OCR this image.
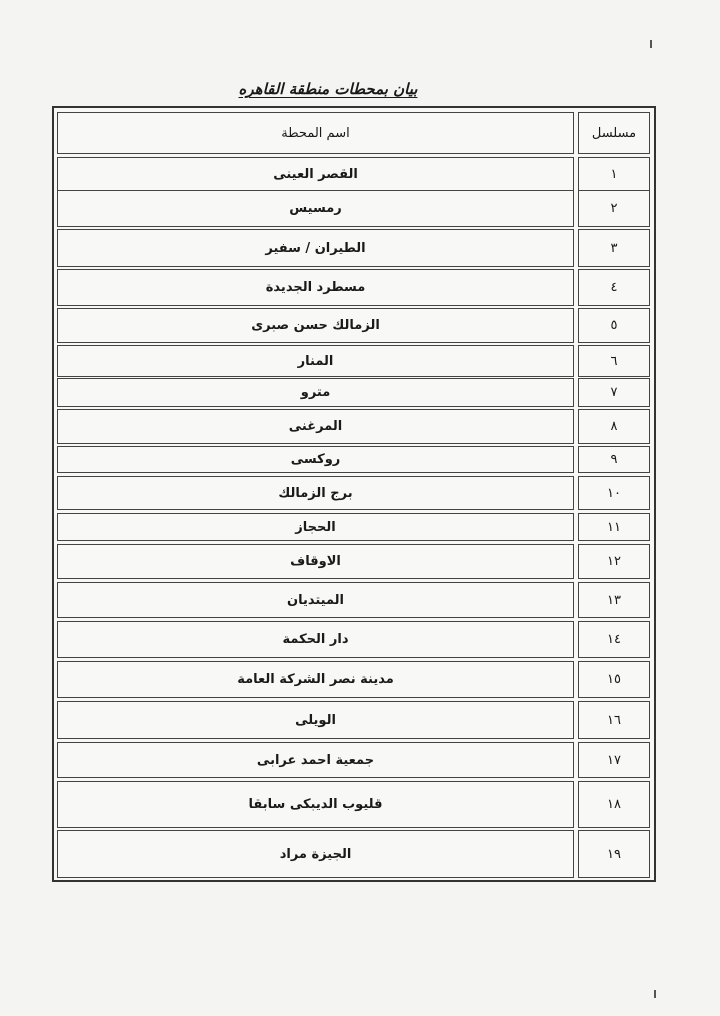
بيان بمحطات منطقة القاهره
اسم المحطة	مسلسل
القصر العينى	١
رمسيس	٢
الطيران / سفير	٣
مسطرد الجديدة	٤
الزمالك حسن صبرى	٥
المنار	٦
مترو	٧
المرغنى	٨
روكسى	٩
برج الزمالك	١٠
الحجاز	١١
الاوقاف	١٢
الميتديان	١٣
دار الحكمة	١٤
مدينة نصر الشركة العامة	١٥
الويلى	١٦
جمعية احمد عرابى	١٧
قليوب الديبكى سابقا	١٨
الجيزة مراد	١٩
